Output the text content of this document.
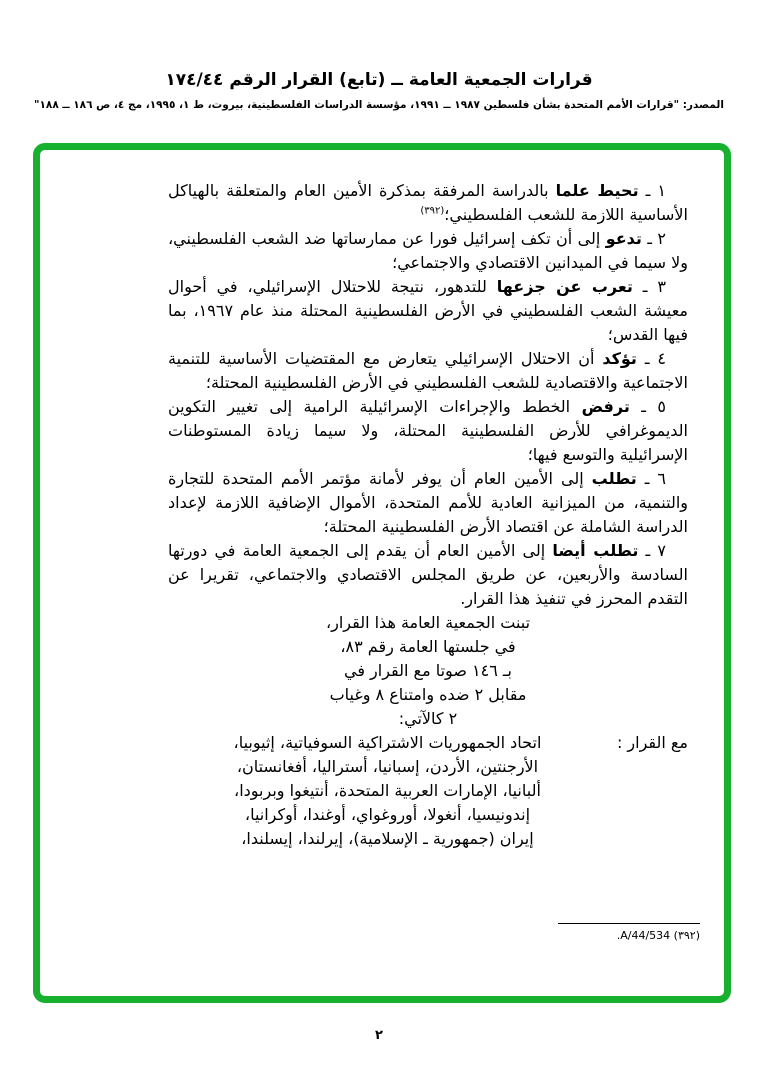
قرارات الجمعية العامة ــ (تابع) القرار الرقم ١٧٤/٤٤
المصدر: "قرارات الأمم المتحدة بشأن فلسطين ١٩٨٧ ــ ١٩٩١، مؤسسة الدراسات الفلسطينية، بيروت، ط ١، ١٩٩٥، مج ٤، ص ١٨٦ ــ ١٨٨"
١ ـ تحيط علما بالدراسة المرفقة بمذكرة الأمين العام والمتعلقة بالهياكل الأساسية اللازمة للشعب الفلسطيني؛$^{(٣٩٢)}$
٢ ـ تدعو إلى أن تكف إسرائيل فورا عن ممارساتها ضد الشعب الفلسطيني، ولا سيما في الميدانين الاقتصادي والاجتماعي؛
٣ ـ تعرب عن جزعها للتدهور، نتيجة للاحتلال الإسرائيلي، في أحوال معيشة الشعب الفلسطيني في الأرض الفلسطينية المحتلة منذ عام ١٩٦٧، بما فيها القدس؛
٤ ـ تؤكد أن الاحتلال الإسرائيلي يتعارض مع المقتضيات الأساسية للتنمية الاجتماعية والاقتصادية للشعب الفلسطيني في الأرض الفلسطينية المحتلة؛
٥ ـ ترفض الخطط والإجراءات الإسرائيلية الرامية إلى تغيير التكوين الديموغرافي للأرض الفلسطينية المحتلة، ولا سيما زيادة المستوطنات الإسرائيلية والتوسع فيها؛
٦ ـ تطلب إلى الأمين العام أن يوفر لأمانة مؤتمر الأمم المتحدة للتجارة والتنمية، من الميزانية العادية للأمم المتحدة، الأموال الإضافية اللازمة لإعداد الدراسة الشاملة عن اقتصاد الأرض الفلسطينية المحتلة؛
٧ ـ تطلب أيضا إلى الأمين العام أن يقدم إلى الجمعية العامة في دورتها السادسة والأربعين، عن طريق المجلس الاقتصادي والاجتماعي، تقريرا عن التقدم المحرز في تنفيذ هذا القرار.
تبنت الجمعية العامة هذا القرار،
في جلستها العامة رقم ٨٣،
بـ ١٤٦ صوتا مع القرار في
مقابل ٢ ضده وامتناع ٨ وغياب
٢ كالآتي:
مع القرار :
اتحاد الجمهوريات الاشتراكية السوفياتية، إثيوبيا،
الأرجنتين، الأردن، إسبانيا، أستراليا، أفغانستان،
ألبانيا، الإمارات العربية المتحدة، أنتيغوا وبربودا،
إندونيسيا، أنغولا، أوروغواي، أوغندا، أوكرانيا،
إيران (جمهورية ـ الإسلامية)، إيرلندا، إيسلندا،
(٣٩٢) A/44/534.
٢
